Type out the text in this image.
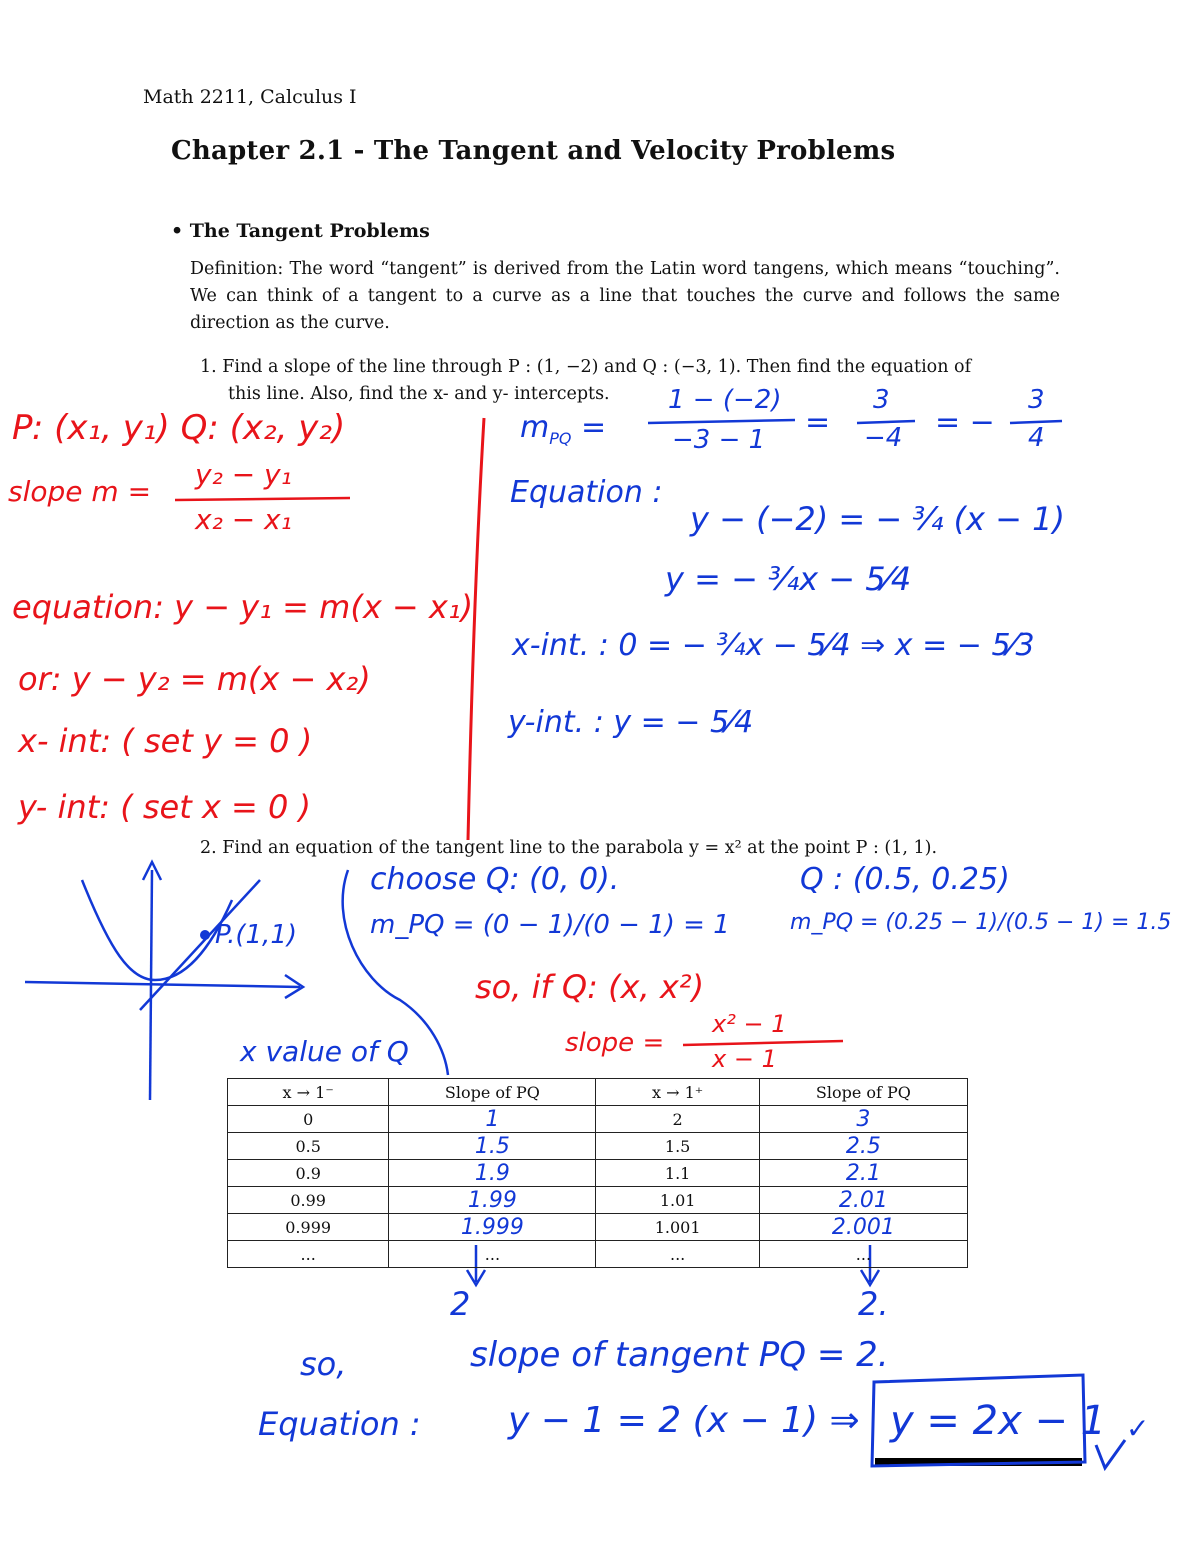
Math 2211, Calculus I
Chapter 2.1 - The Tangent and Velocity Problems
• The Tangent Problems
Definition: The word “tangent” is derived from the Latin word tangens, which means “touching”. We can think of a tangent to a curve as a line that touches the curve and follows the same direction as the curve.
1. Find a slope of the line through P : (1, −2) and Q : (−3, 1). Then find the equation of
this line. Also, find the x- and y- intercepts.
2. Find an equation of the tangent line to the parabola y = x² at the point P : (1, 1).
P: (x₁, y₁) Q: (x₂, y₂)
slope m =
y₂ − y₁
x₂ − x₁
equation: y − y₁ = m(x − x₁)
or: y − y₂ = m(x − x₂)
x- int: ( set y = 0 )
y- int: ( set x = 0 )
so, if Q: (x, x²)
slope =
x² − 1
x − 1
$m_{PQ}$ =
1 − (−2)
−3 − 1 =
3
−4 = −
3
4
Equation :
y − (−2) = − ¾ (x − 1)
y = − ¾x − 5⁄4
x-int. : 0 = − ¾x − 5⁄4 ⇒ x = − 5⁄3
y-int. : y = − 5⁄4
P.(1,1)
choose Q: (0, 0).
m_PQ = (0 − 1)/(0 − 1) = 1
Q : (0.5, 0.25)
m_PQ = (0.25 − 1)/(0.5 − 1) = 1.5
x value of Q
x → 1⁻	Slope of PQ	x → 1⁺	Slope of PQ
0	1	2	3
0.5	1.5	1.5	2.5
0.9	1.9	1.1	2.1
0.99	1.99	1.01	2.01
0.999	1.999	1.001	2.001
...	...	...	...
2	2.
so,	slope of tangent PQ = 2.
Equation : y − 1 = 2 (x − 1) ⇒ y = 2x − 1 ✓
